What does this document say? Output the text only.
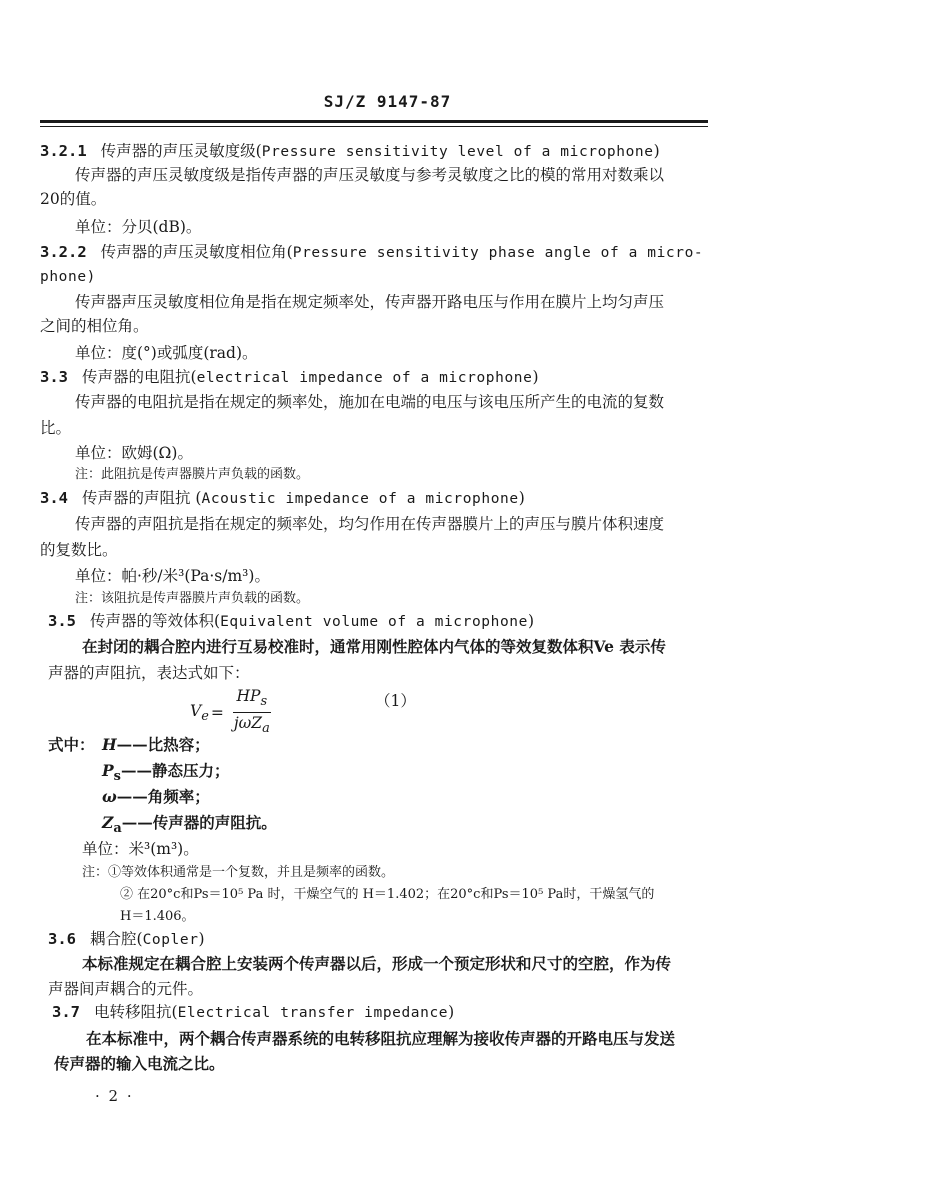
SJ/Z 9147-87
3.2.1 传声器的声压灵敏度级(Pressure sensitivity level of a microphone)
传声器的声压灵敏度级是指传声器的声压灵敏度与参考灵敏度之比的模的常用对数乘以
20的值。
单位：分贝(dB)。
3.2.2 传声器的声压灵敏度相位角(Pressure sensitivity phase angle of a micro-
phone)
传声器声压灵敏度相位角是指在规定频率处，传声器开路电压与作用在膜片上均匀声压
之间的相位角。
单位：度(°)或弧度(rad)。
3.3 传声器的电阻抗(electrical impedance of a microphone)
传声器的电阻抗是指在规定的频率处，施加在电端的电压与该电压所产生的电流的复数
比。
单位：欧姆(Ω)。
注：此阻抗是传声器膜片声负载的函数。
3.4 传声器的声阻抗 (Acoustic impedance of a microphone)
传声器的声阻抗是指在规定的频率处，均匀作用在传声器膜片上的声压与膜片体积速度
的复数比。
单位：帕·秒/米³(Pa·s/m³)。
注：该阻抗是传声器膜片声负载的函数。
3.5 传声器的等效体积(Equivalent volume of a microphone)
在封闭的耦合腔内进行互易校准时，通常用刚性腔体内气体的等效复数体积Ve 表示传
声器的声阻抗，表达式如下：
$V_e = \frac{HP_s}{j\omega Z_a}$	（1）
式中： H——比热容；
$P_s——$静态压力；
ω——角频率；
$Z_a——$传声器的声阻抗。
单位：米³(m³)。
注：①等效体积通常是一个复数，并且是频率的函数。
② 在20°c和Ps＝10⁵ Pa 时，干燥空气的 H＝1.402；在20°c和Ps＝10⁵ Pa时，干燥氢气的
H＝1.406。
3.6 耦合腔(Copler)
本标准规定在耦合腔上安装两个传声器以后，形成一个预定形状和尺寸的空腔，作为传
声器间声耦合的元件。
3.7 电转移阻抗(Electrical transfer impedance)
在本标准中，两个耦合传声器系统的电转移阻抗应理解为接收传声器的开路电压与发送
传声器的输入电流之比。
· 2 ·
